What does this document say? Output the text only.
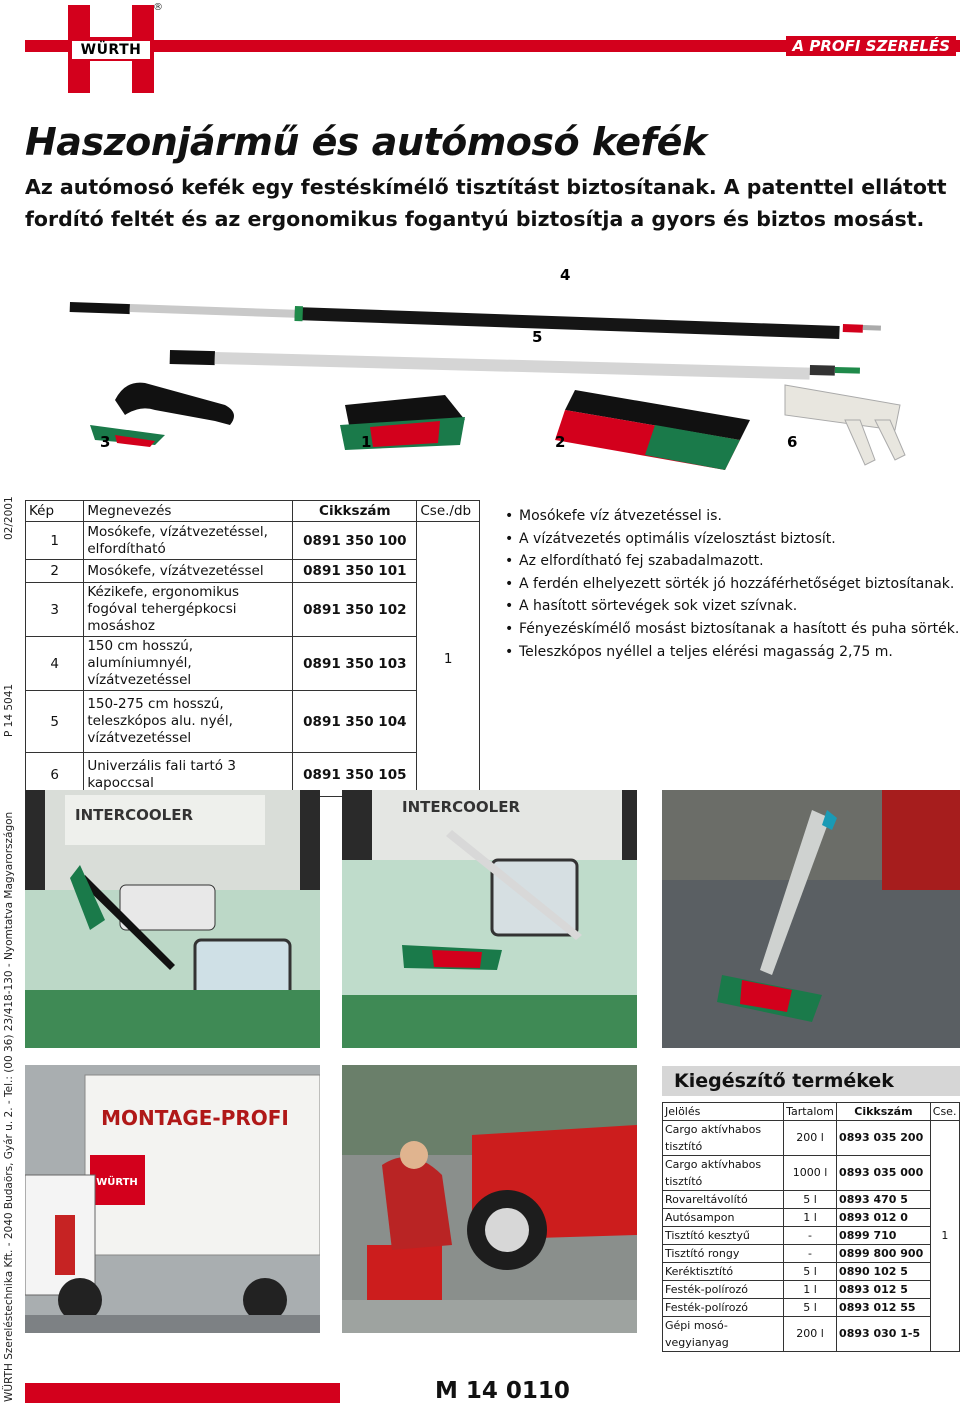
A PROFI SZERELÉS
WÜRTH
®
Haszonjármű és autómosó kefék
Az autómosó kefék egy festéskímélő tisztítást biztosítanak. A patenttel ellátott fordító feltét és az ergonomikus fogantyú biztosítja a gyors és biztos mosást.
4
5
3	1	2	6
WÜRTH Szereléstechnika Kft. - 2040 Budaörs, Gyár u. 2. - Tel.: (00 36) 23/418-130 - Nyomtatva Magyarországon
P 14 5041
02/2001 Kép	Megnevezés	Cikkszám	Cse./db
1	Mosókefe, vízátvezetéssel, elfordítható	0891 350 100	1
2	Mosókefe, vízátvezetéssel	0891 350 101	
3	Kézikefe, ergonomikus fogóval tehergépkocsi mosáshoz	0891 350 102	
4	150 cm hosszú, alumíniumnyél, vízátvezetéssel	0891 350 103	
5	150-275 cm hosszú, teleszkópos alu. nyél, vízátvezetéssel	0891 350 104	
6	Univerzális fali tartó 3 kapoccsal	0891 350 105	
• Mosókefe víz átvezetéssel is.
• A vízátvezetés optimális vízelosztást biztosít.
• Az elfordítható fej szabadalmazott.
• A ferdén elhelyezett sörték jó hozzáférhetőséget biztosítanak.
• A hasított sörtevégek sok vizet szívnak.
• Fényezéskímélő mosást biztosítanak a hasított és puha sörték.
• Teleszkópos nyéllel a teljes elérési magasság 2,75 m.
INTERCOOLER	INTERCOOLER
MONTAGE-PROFI
WÜRTH
Kiegészítő termékek
Jelölés	Tartalom	Cikkszám	Cse.
Cargo aktívhabos tisztító	200 l	0893 035 200	1
Cargo aktívhabos tisztító	1000 l	0893 035 000	
Rovareltávolító	5 l	0893 470 5	
Autósampon	1 l	0893 012 0	
Tisztító kesztyű	-	0899 710	
Tisztító rongy	-	0899 800 900	
Keréktisztító	5 l	0890 102 5	
Festék-polírozó	1 l	0893 012 5	
Festék-polírozó	5 l	0893 012 55	
Gépi mosó-vegyianyag	200 l	0893 030 1-5	
M 14 0110
